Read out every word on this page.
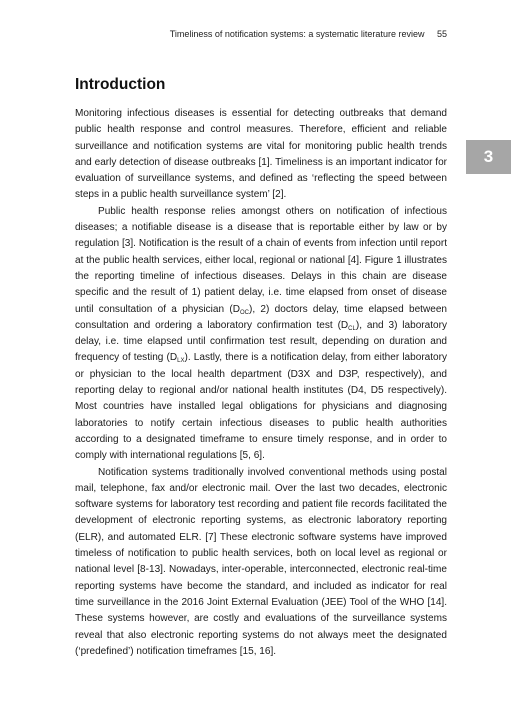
Timeliness of notification systems: a systematic literature review 55
3
Introduction

Monitoring infectious diseases is essential for detecting outbreaks that demand public health response and control measures. Therefore, efficient and reliable surveillance and notification systems are vital for monitoring public health trends and early detection of disease outbreaks [1]. Timeliness is an important indicator for evaluation of surveillance systems, and defined as ‘reflecting the speed between steps in a public health surveillance system’ [2].

Public health response relies amongst others on notification of infectious diseases; a notifiable disease is a disease that is reportable either by law or by regulation [3]. Notification is the result of a chain of events from infection until report at the public health services, either local, regional or national [4]. Figure 1 illustrates the reporting timeline of infectious diseases. Delays in this chain are disease specific and the result of 1) patient delay, i.e. time elapsed from onset of disease until consultation of a physician $(D_{OC})$, 2) doctors delay, time elapsed between consultation and ordering a laboratory confirmation test $(D_{CL})$, and 3) laboratory delay, i.e. time elapsed until confirmation test result, depending on duration and frequency of testing $(D_{LX})$. Lastly, there is a notification delay, from either laboratory or physician to the local health department (D3X and D3P, respectively), and reporting delay to regional and/or national health institutes (D4, D5 respectively). Most countries have installed legal obligations for physicians and diagnosing laboratories to notify certain infectious diseases to public health authorities according to a designated timeframe to ensure timely response, and in order to comply with international regulations [5, 6].

Notification systems traditionally involved conventional methods using postal mail, telephone, fax and/or electronic mail. Over the last two decades, electronic software systems for laboratory test recording and patient file records facilitated the development of electronic reporting systems, as electronic laboratory reporting (ELR), and automated ELR. [7] These electronic software systems have improved timeless of notification to public health services, both on local level as regional or national level [8-13]. Nowadays, inter-operable, interconnected, electronic real-time reporting systems have become the standard, and included as indicator for real time surveillance in the 2016 Joint External Evaluation (JEE) Tool of the WHO [14]. These systems however, are costly and evaluations of the surveillance systems reveal that also electronic reporting systems do not always meet the designated (‘predefined’) notification timeframes [15, 16].
